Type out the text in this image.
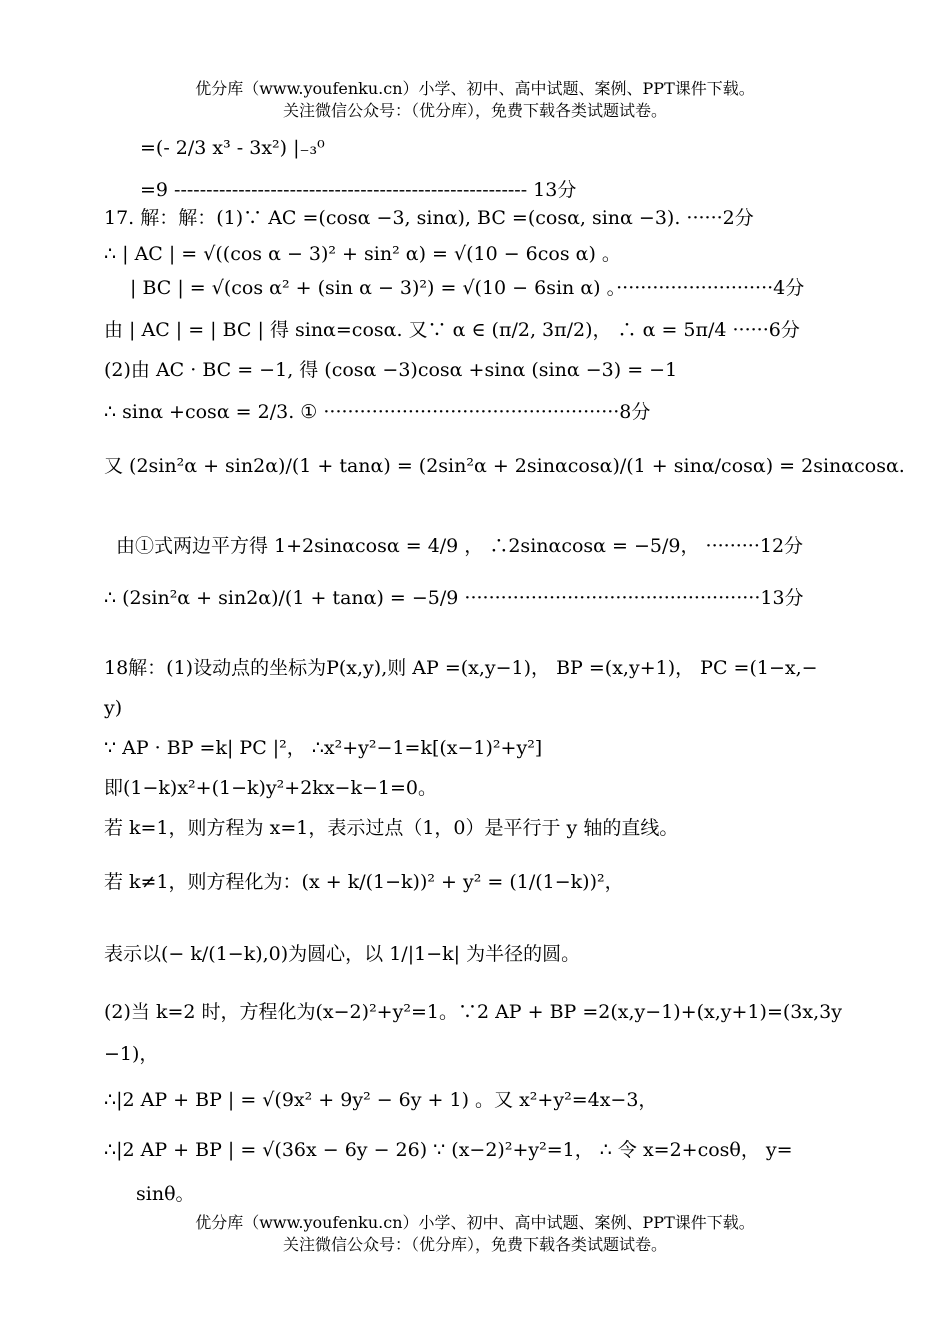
优分库（www.youfenku.cn）小学、初中、高中试题、案例、PPT课件下载。
关注微信公众号：（优分库），免费下载各类试题试卷。
=(- 2/3 x³ - 3x²) |₋₃⁰
=9 ------------------------------------------------------- 13分
17. 解：解：(1)∵ AC =(cosα −3, sinα), BC =(cosα, sinα −3). ······2分
∴ | AC | = √((cos α − 3)² + sin² α) = √(10 − 6cos α) 。
| BC | = √(cos α² + (sin α − 3)²) = √(10 − 6sin α) 。··························4分
由 | AC | = | BC | 得 sinα=cosα. 又∵ α ∈ (π/2, 3π/2)， ∴ α = 5π/4 ······6分
(2)由 AC · BC = −1, 得 (cosα −3)cosα +sinα (sinα −3) = −1
∴ sinα +cosα = 2/3. ① ·················································8分
又 (2sin²α + sin2α)/(1 + tanα) = (2sin²α + 2sinαcosα)/(1 + sinα/cosα) = 2sinαcosα.
由①式两边平方得 1+2sinαcosα = 4/9 ， ∴2sinαcosα = −5/9， ·········12分
∴ (2sin²α + sin2α)/(1 + tanα) = −5/9 ·················································13分
18解：(1)设动点的坐标为P(x,y),则 AP =(x,y−1)， BP =(x,y+1)， PC =(1−x,−
y)
∵ AP · BP =k| PC |²， ∴x²+y²−1=k[(x−1)²+y²]
即(1−k)x²+(1−k)y²+2kx−k−1=0。
若 k=1，则方程为 x=1，表示过点（1，0）是平行于 y 轴的直线。
若 k≠1，则方程化为：(x + k/(1−k))² + y² = (1/(1−k))²，
表示以(− k/(1−k),0)为圆心，以 1/|1−k| 为半径的圆。
(2)当 k=2 时，方程化为(x−2)²+y²=1。∵2 AP + BP =2(x,y−1)+(x,y+1)=(3x,3y
−1)，
∴|2 AP + BP | = √(9x² + 9y² − 6y + 1) 。又 x²+y²=4x−3，
∴|2 AP + BP | = √(36x − 6y − 26) ∵ (x−2)²+y²=1， ∴ 令 x=2+cosθ， y=
sinθ。
优分库（www.youfenku.cn）小学、初中、高中试题、案例、PPT课件下载。
关注微信公众号：（优分库），免费下载各类试题试卷。
